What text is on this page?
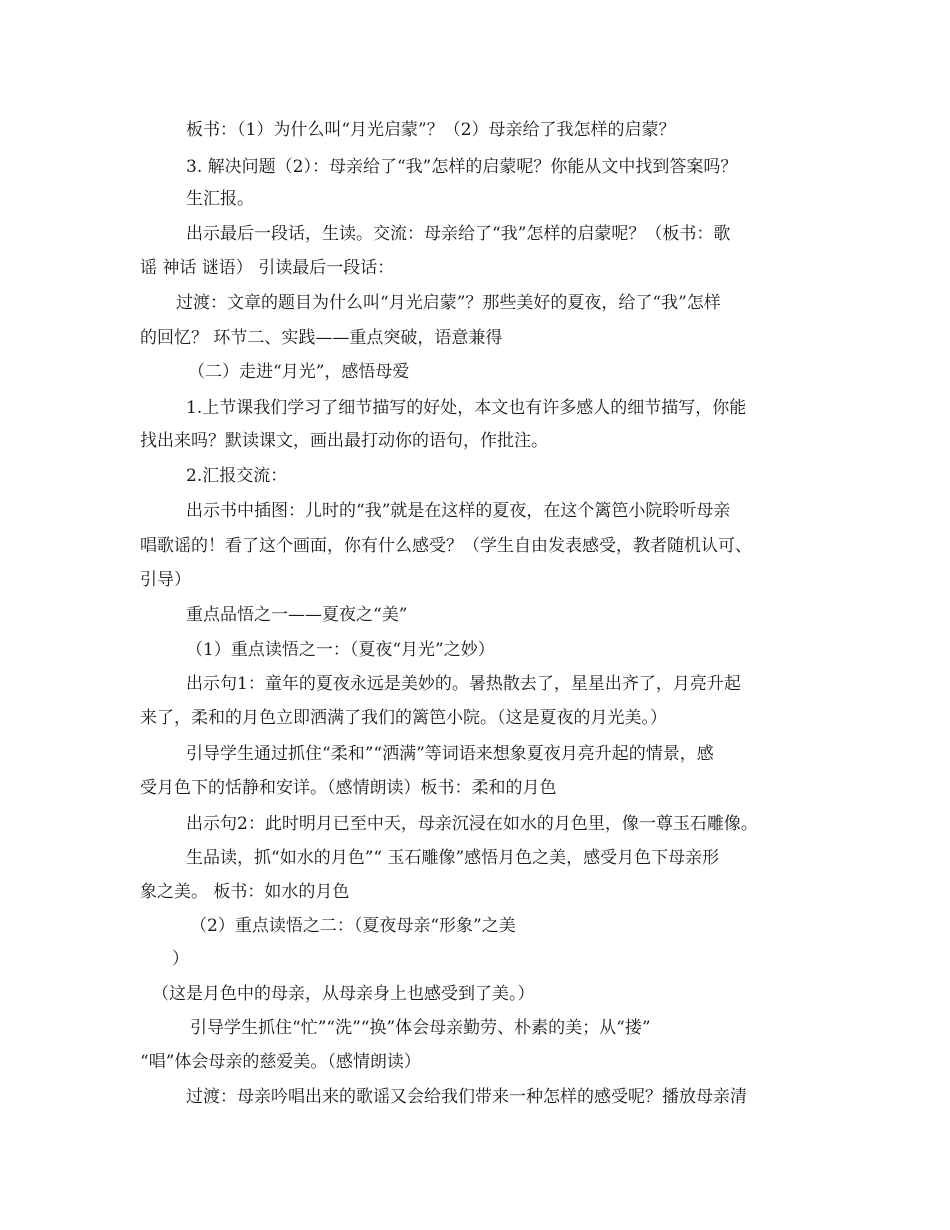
板书：（1）为什么叫“月光启蒙”？（2）母亲给了我怎样的启蒙？
3. 解决问题（2）：母亲给了“我”怎样的启蒙呢？你能从文中找到答案吗？
生汇报。
出示最后一段话，生读。交流：母亲给了“我”怎样的启蒙呢？（板书：歌
谣 神话 谜语） 引读最后一段话：
过渡：文章的题目为什么叫“月光启蒙”？那些美好的夏夜，给了“我”怎样
的回忆？ 环节二、实践——重点突破，语意兼得
（二）走进“月光”，感悟母爱
1.上节课我们学习了细节描写的好处，本文也有许多感人的细节描写，你能
找出来吗？默读课文，画出最打动你的语句，作批注。
2.汇报交流：
出示书中插图：儿时的“我”就是在这样的夏夜，在这个篱笆小院聆听母亲
唱歌谣的！看了这个画面，你有什么感受？（学生自由发表感受，教者随机认可、
引导）
重点品悟之一——夏夜之“美”
（1）重点读悟之一：（夏夜“月光”之妙）
出示句1：童年的夏夜永远是美妙的。暑热散去了，星星出齐了，月亮升起
来了，柔和的月色立即洒满了我们的篱笆小院。（这是夏夜的月光美。）
引导学生通过抓住“柔和”“洒满”等词语来想象夏夜月亮升起的情景，感
受月色下的恬静和安详。（感情朗读）板书：柔和的月色
出示句2：此时明月已至中天，母亲沉浸在如水的月色里，像一尊玉石雕像。
生品读，抓“如水的月色”“ 玉石雕像”感悟月色之美，感受月色下母亲形
象之美。 板书：如水的月色
（2）重点读悟之二：（夏夜母亲“形象”之美
）
（这是月色中的母亲，从母亲身上也感受到了美。）
引导学生抓住“忙”“洗”“换”体会母亲勤劳、朴素的美；从“搂”
“唱”体会母亲的慈爱美。（感情朗读）
过渡：母亲吟唱出来的歌谣又会给我们带来一种怎样的感受呢？播放母亲清
